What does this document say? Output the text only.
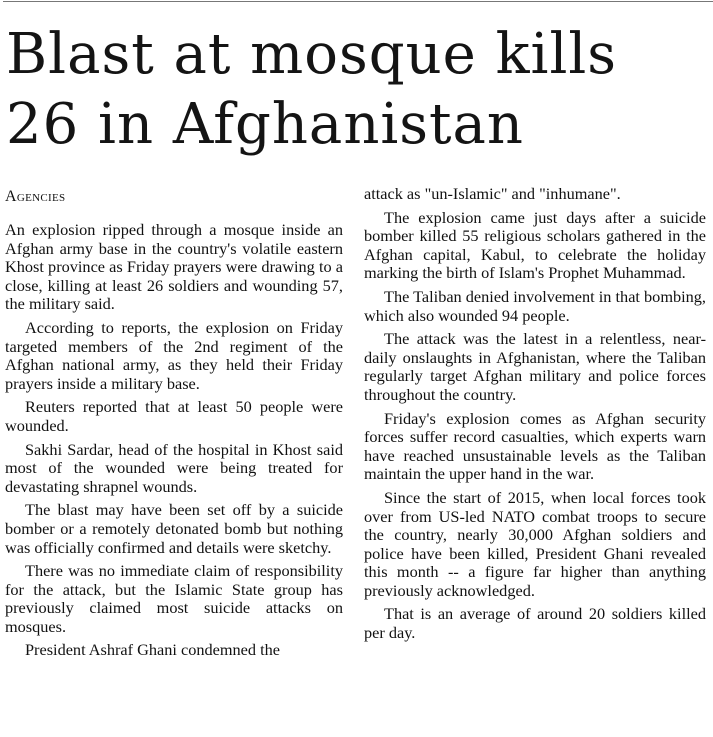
Blast at mosque kills 26 in Afghanistan
Agencies

An explosion ripped through a mosque inside an Afghan army base in the country's volatile eastern Khost province as Friday prayers were drawing to a close, killing at least 26 soldiers and wounding 57, the military said.

According to reports, the explosion on Friday targeted members of the 2nd regiment of the Afghan national army, as they held their Friday prayers inside a military base.

Reuters reported that at least 50 people were wounded.

Sakhi Sardar, head of the hospital in Khost said most of the wounded were being treated for devastating shrapnel wounds.

The blast may have been set off by a suicide bomber or a remotely detonated bomb but nothing was officially confirmed and details were sketchy.

There was no immediate claim of responsibility for the attack, but the Islamic State group has previously claimed most suicide attacks on mosques.

President Ashraf Ghani condemned the

attack as "un-Islamic" and "inhumane".

The explosion came just days after a suicide bomber killed 55 religious scholars gathered in the Afghan capital, Kabul, to celebrate the holiday marking the birth of Islam's Prophet Muhammad.

The Taliban denied involvement in that bombing, which also wounded 94 people.

The attack was the latest in a relentless, near-daily onslaughts in Afghanistan, where the Taliban regularly target Afghan military and police forces throughout the country.

Friday's explosion comes as Afghan security forces suffer record casualties, which experts warn have reached unsustainable levels as the Taliban maintain the upper hand in the war.

Since the start of 2015, when local forces took over from US-led NATO combat troops to secure the country, nearly 30,000 Afghan soldiers and police have been killed, President Ghani revealed this month -- a figure far higher than anything previously acknowledged.

That is an average of around 20 soldiers killed per day.
